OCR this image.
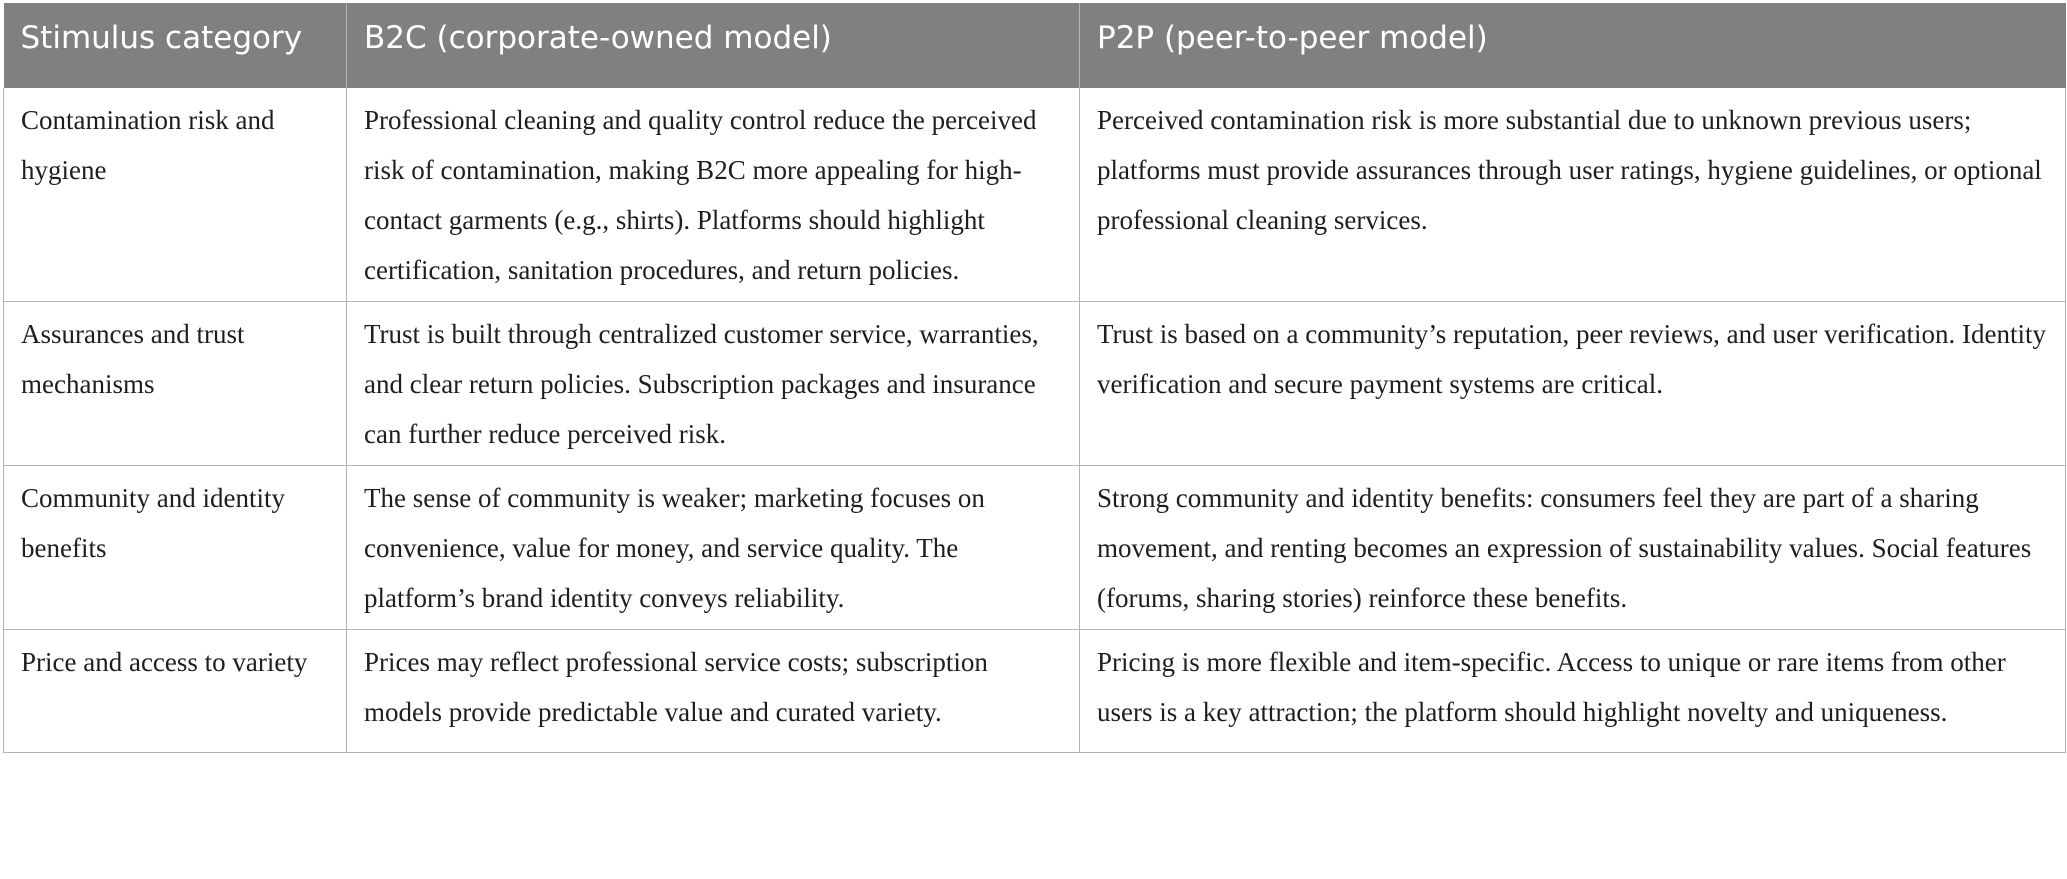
Stimulus category	B2C (corporate-owned model)	P2P (peer-to-peer model)
Contamination risk and hygiene	Professional cleaning and quality control reduce the perceived risk of contamination, making B2C more appealing for high-contact garments (e.g., shirts). Platforms should highlight certification, sanitation procedures, and return policies.	Perceived contamination risk is more substantial due to unknown previous users; platforms must provide assurances through user ratings, hygiene guidelines, or optional professional cleaning services.
Assurances and trust mechanisms	Trust is built through centralized customer service, warranties, and clear return policies. Subscription packages and insurance can further reduce perceived risk.	Trust is based on a community’s reputation, peer reviews, and user verification. Identity verification and secure payment systems are critical.
Community and identity benefits	The sense of community is weaker; marketing focuses on convenience, value for money, and service quality. The platform’s brand identity conveys reliability.	Strong community and identity benefits: consumers feel they are part of a sharing movement, and renting becomes an expression of sustainability values. Social features (forums, sharing stories) reinforce these benefits.
Price and access to variety	Prices may reflect professional service costs; subscription models provide predictable value and curated variety.	Pricing is more flexible and item-specific. Access to unique or rare items from other users is a key attraction; the platform should highlight novelty and uniqueness.
